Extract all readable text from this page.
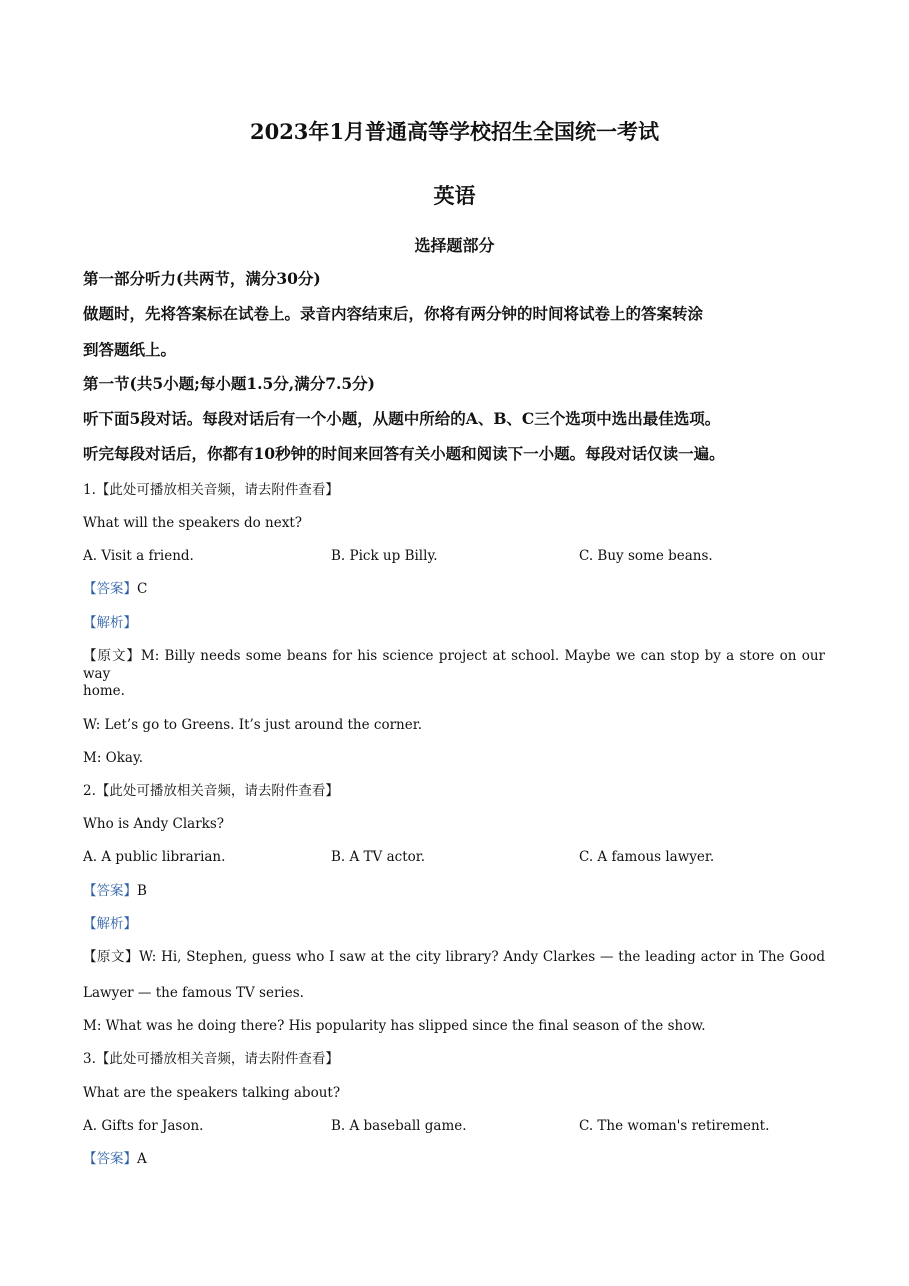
2023年1月普通高等学校招生全国统一考试
英语
选择题部分
第一部分听力(共两节，满分30分)
做题时，先将答案标在试卷上。录音内容结束后，你将有两分钟的时间将试卷上的答案转涂
到答题纸上。
第一节(共5小题;每小题1.5分,满分7.5分)
听下面5段对话。每段对话后有一个小题，从题中所给的A、B、C三个选项中选出最佳选项。
听完每段对话后，你都有10秒钟的时间来回答有关小题和阅读下一小题。每段对话仅读一遍。
1.【此处可播放相关音频，请去附件查看】
What will the speakers do next?
A. Visit a friend.	B. Pick up Billy.	C. Buy some beans.
【答案】C
【解析】
【原文】M: Billy needs some beans for his science project at school. Maybe we can stop by a store on our way
home.
W: Let’s go to Greens. It’s just around the corner.
M: Okay.
2.【此处可播放相关音频，请去附件查看】
Who is Andy Clarks?
A. A public librarian.	B. A TV actor.	C. A famous lawyer.
【答案】B
【解析】
【原文】W: Hi, Stephen, guess who I saw at the city library? Andy Clarkes — the leading actor in The Good
Lawyer — the famous TV series.
M: What was he doing there? His popularity has slipped since the final season of the show.
3.【此处可播放相关音频，请去附件查看】
What are the speakers talking about?
A. Gifts for Jason.	B. A baseball game.	C. The woman's retirement.
【答案】A
